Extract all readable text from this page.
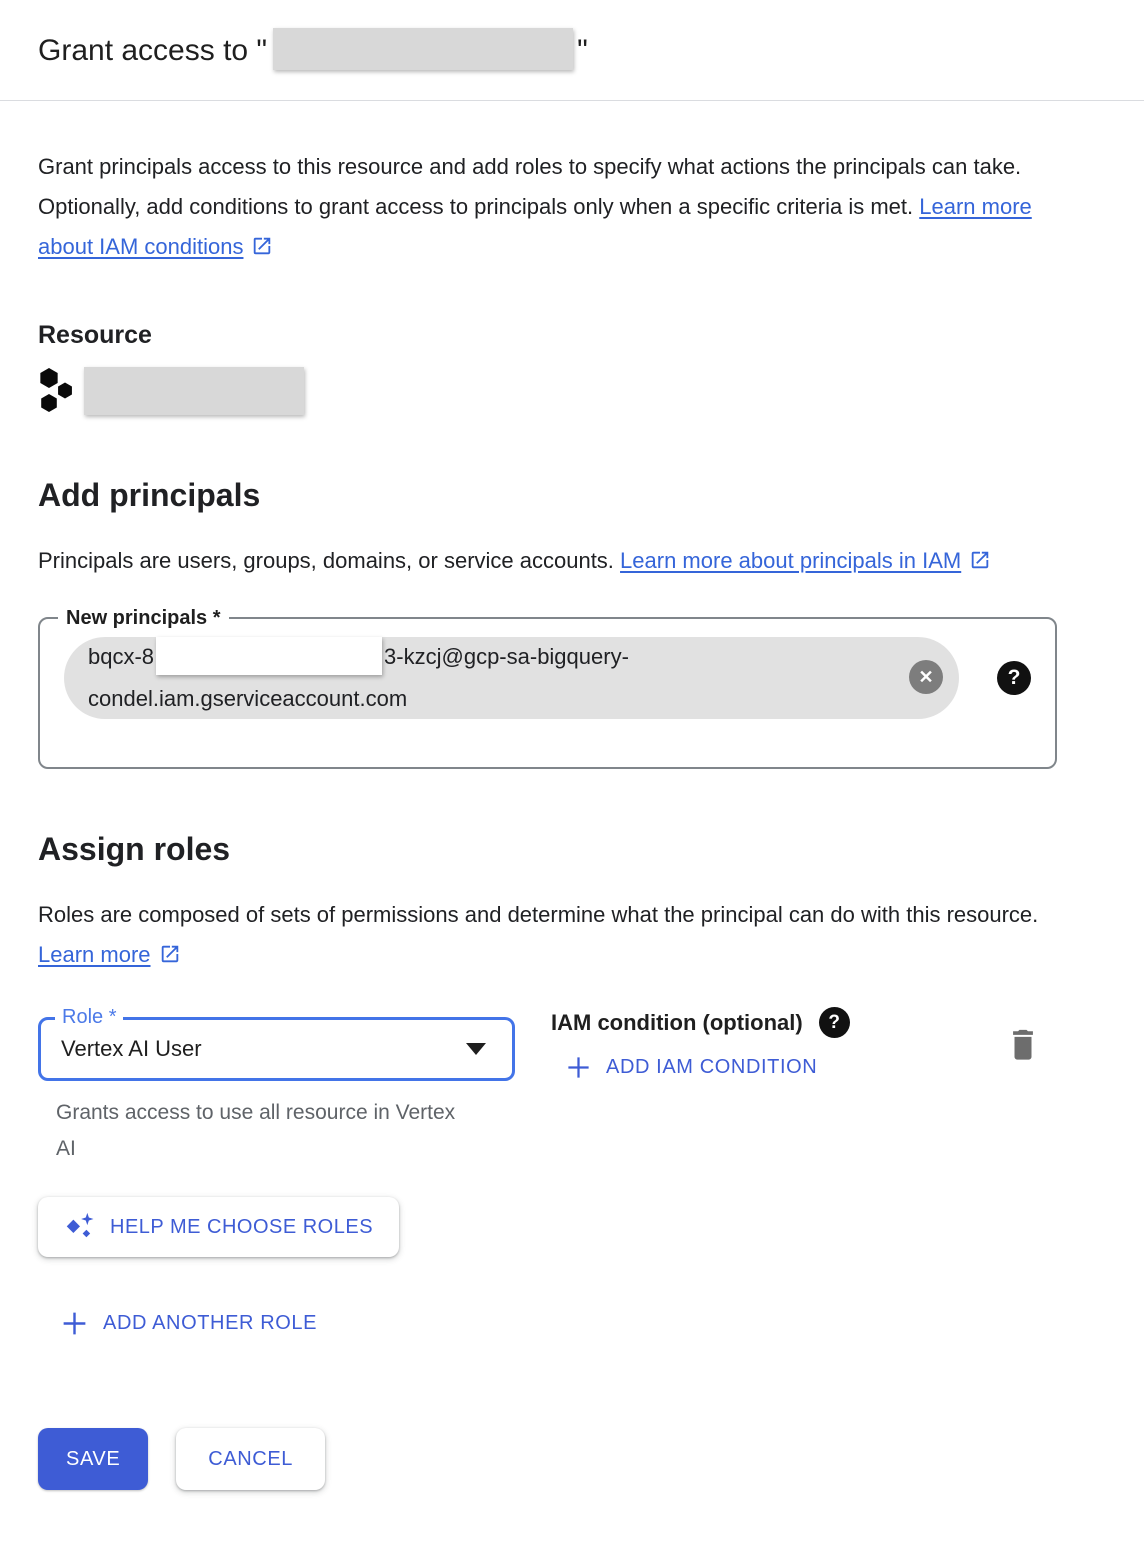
Grant access to "	"

Grant principals access to this resource and add roles to specify what actions the principals can take. Optionally, add conditions to grant access to principals only when a specific criteria is met. Learn more about IAM conditions

Resource
Add principals

Principals are users, groups, domains, or service accounts. Learn more about principals in IAM

New principals *
bqcx-8	3-kzcj@gcp-sa-bigquery-
condel.iam.gserviceaccount.com
✕	?
Assign roles

Roles are composed of sets of permissions and determine what the principal can do with this resource. Learn more

Role *
Vertex AI User
Grants access to use all resource in Vertex AI
IAM condition (optional)	?
ADD IAM CONDITION
HELP ME CHOOSE ROLES
ADD ANOTHER ROLE
SAVE	CANCEL
